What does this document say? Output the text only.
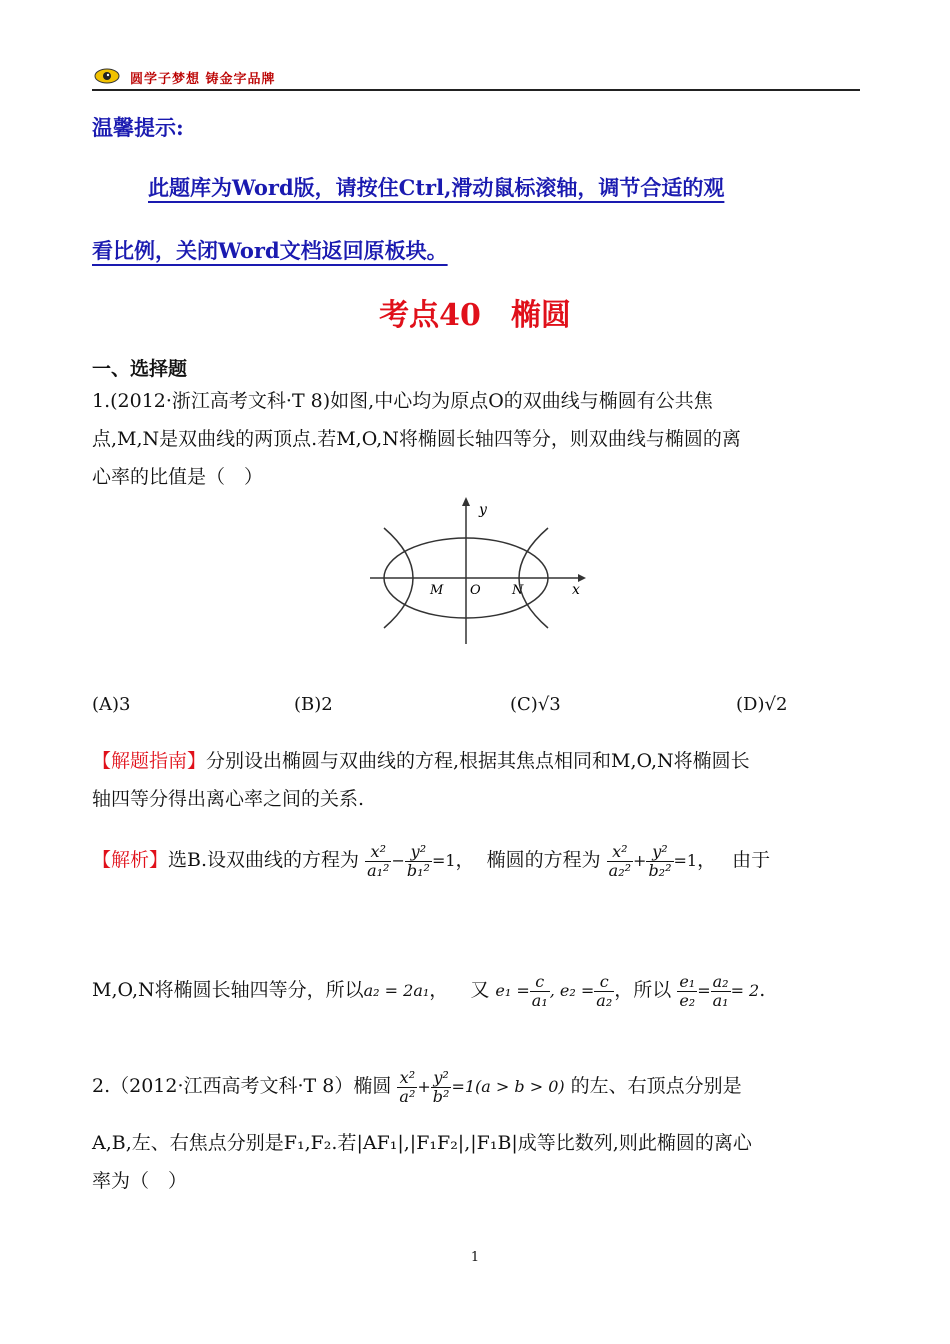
圆学子梦想 铸金字品牌
温馨提示:
此题库为Word版，请按住Ctrl,滑动鼠标滚轴，调节合适的观
看比例，关闭Word文档返回原板块。
考点40　椭圆
一、选择题
1.(2012·浙江高考文科·T 8)如图,中心均为原点O的双曲线与椭圆有公共焦
点,M,N是双曲线的两顶点.若M,O,N将椭圆长轴四等分，则双曲线与椭圆的离
心率的比值是（　）
y
x
M O N
(A)3	(B)2	(C)√3	(D)√2
【解题指南】分别设出椭圆与双曲线的方程,根据其焦点相同和M,O,N将椭圆长
轴四等分得出离心率之间的关系.
【解析】选B.设双曲线的方程为 $\frac{\text{x²}}{\text{a₁²}} - \frac{\text{y²}}{\text{b₁²}} =1$， 椭圆的方程为 $\frac{\text{x²}}{\text{a₂²}} + \frac{\text{y²}}{\text{b₂²}} =1$， 由于
M,O,N将椭圆长轴四等分，所以a₂ = 2a₁， 又 $e_1 = \frac{c}{\text{a₁}}$ , $e_2 = \frac{c}{\text{a₂}}$ ，所以 $\frac{\text{e₁}}{\text{e₂}} = \frac{\text{a₂}}{\text{a₁}} = 2$.
2.（2012·江西高考文科·T 8）椭圆 $\frac{\text{x²}}{\text{a²}} + \frac{\text{y²}}{\text{b²}} =1(a > b > 0)$ 的左、右顶点分别是
A,B,左、右焦点分别是F₁,F₂.若|AF₁|,|F₁F₂|,|F₁B|成等比数列,则此椭圆的离心
率为（　）
1
